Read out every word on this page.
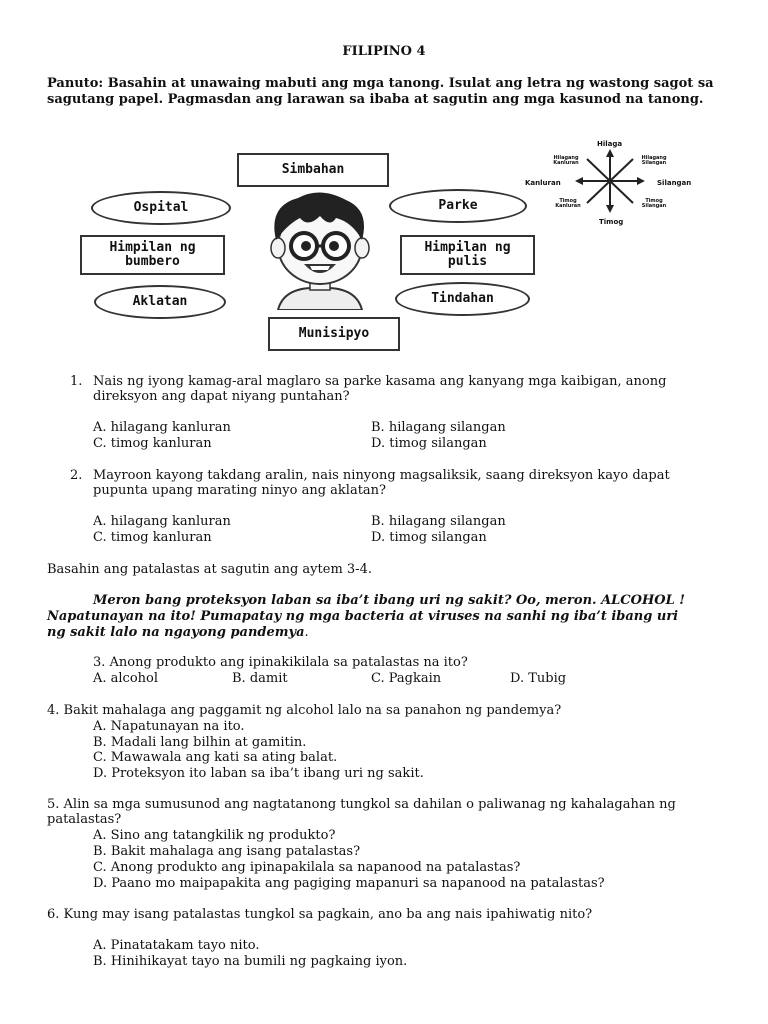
FILIPINO 4
Panuto: Basahin at unawaing mabuti ang mga tanong. Isulat ang letra ng wastong sagot sa sagutang papel. Pagmasdan ang larawan sa ibaba at sagutin ang mga kasunod na tanong.
Simbahan
Ospital	Parke
Himpilan ng bumbero
Himpilan ng pulis
Aklatan	Tindahan
Munisipyo
Hilaga
Timog
Kanluran	Silangan
Hilagang Kanluran
Hilagang Silangan
Timog Kanluran
Timog Silangan
1. Nais ng iyong kamag-aral maglaro sa parke kasama ang kanyang mga kaibigan, anong direksyon ang dapat niyang puntahan?
A. hilagang kanluran	B. hilagang silangan
C. timog kanluran	D. timog silangan
2. Mayroon kayong takdang aralin, nais ninyong magsaliksik, saang direksyon kayo dapat pupunta upang marating ninyo ang aklatan?
A. hilagang kanluran	B. hilagang silangan
C. timog kanluran	D. timog silangan
Basahin ang patalastas at sagutin ang aytem 3-4.
Meron bang proteksyon laban sa iba’t ibang uri ng sakit? Oo, meron. ALCOHOL !
Napatunayan na ito! Pumapatay ng mga bacteria at viruses na sanhi ng iba’t ibang uri
ng sakit lalo na ngayong pandemya.
3. Anong produkto ang ipinakikilala sa patalastas na ito?
A. alcohol	B. damit	C. Pagkain	D. Tubig
4. Bakit mahalaga ang paggamit ng alcohol lalo na sa panahon ng pandemya?
A. Napatunayan na ito.
B. Madali lang bilhin at gamitin.
C. Mawawala ang kati sa ating balat.
D. Proteksyon ito laban sa iba’t ibang uri ng sakit.
5. Alin sa mga sumusunod ang nagtatanong tungkol sa dahilan o paliwanag ng kahalagahan ng patalastas?
A. Sino ang tatangkilik ng produkto?
B. Bakit mahalaga ang isang patalastas?
C. Anong produkto ang ipinapakilala sa napanood na patalastas?
D. Paano mo maipapakita ang pagiging mapanuri sa napanood na patalastas?
6. Kung may isang patalastas tungkol sa pagkain, ano ba ang nais ipahiwatig nito?
A. Pinatatakam tayo nito.
B. Hinihikayat tayo na bumili ng pagkaing iyon.
